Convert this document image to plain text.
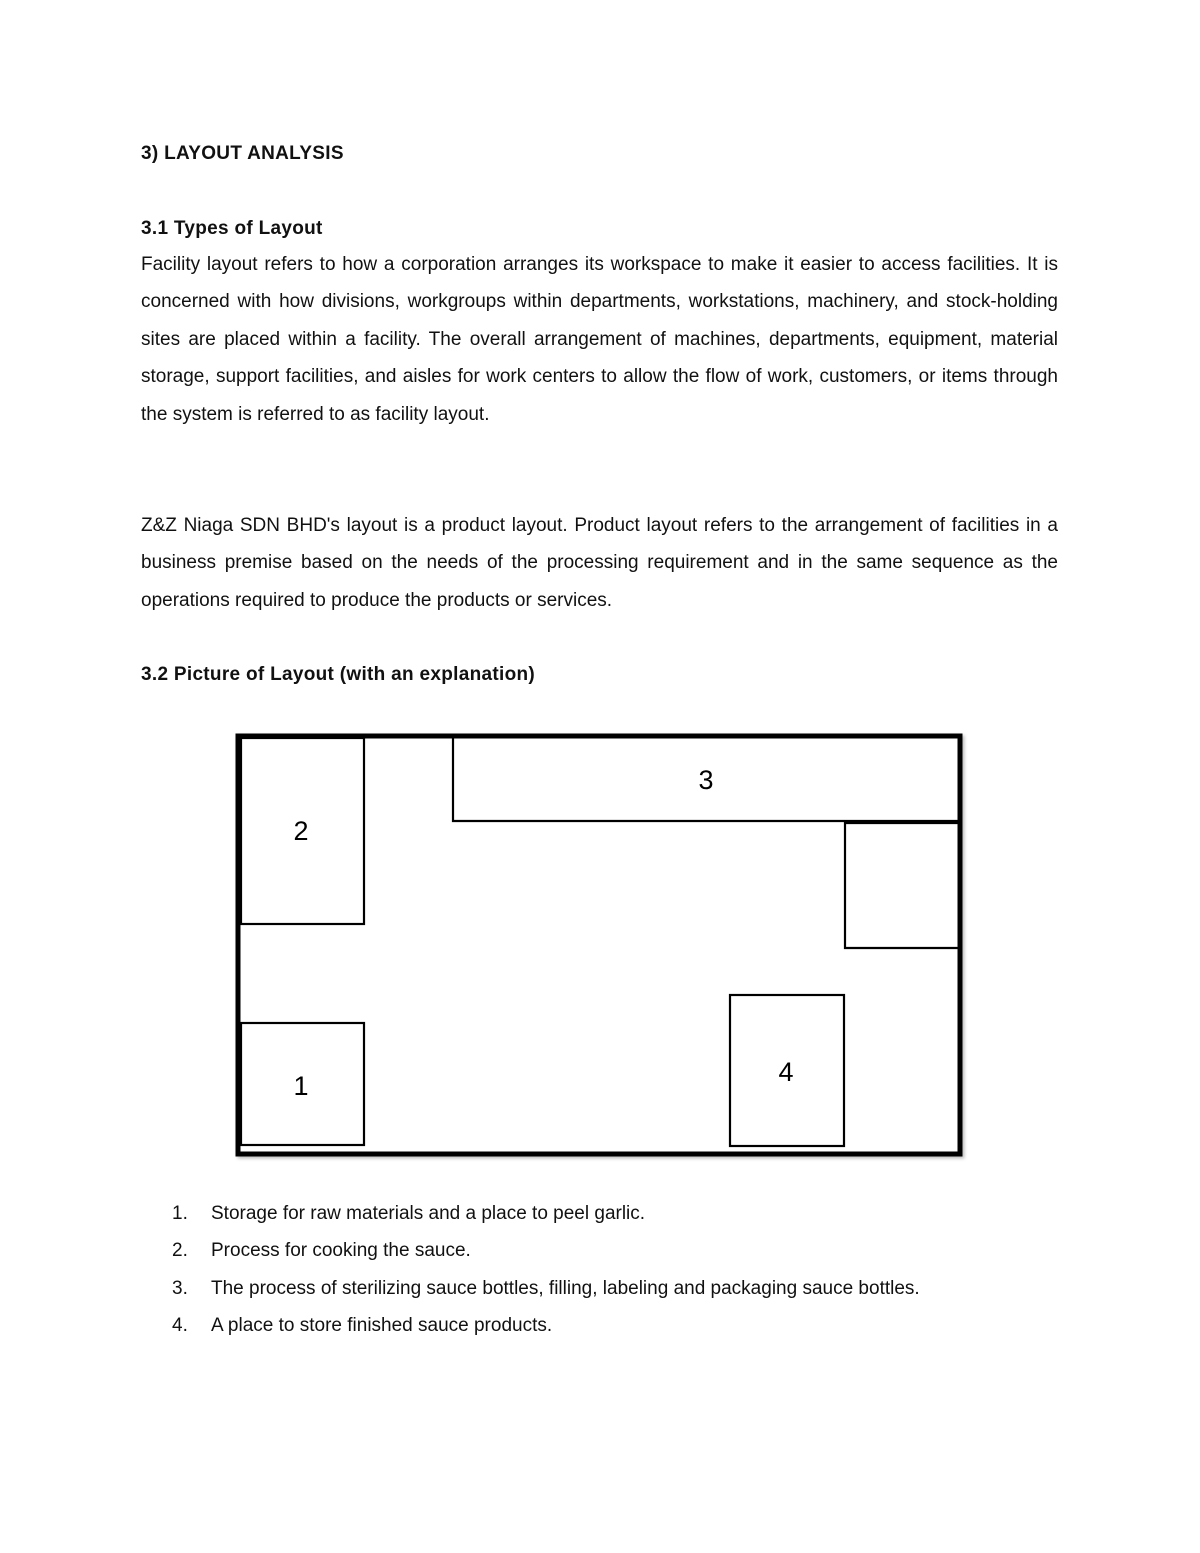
3) LAYOUT ANALYSIS
3.1 Types of Layout

Facility layout refers to how a corporation arranges its workspace to make it easier to access facilities. It is concerned with how divisions, workgroups within departments, workstations, machinery, and stock-holding sites are placed within a facility. The overall arrangement of machines, departments, equipment, material storage, support facilities, and aisles for work centers to allow the flow of work, customers, or items through the system is referred to as facility layout.

Z&Z Niaga SDN BHD's layout is a product layout. Product layout refers to the arrangement of facilities in a business premise based on the needs of the processing requirement and in the same sequence as the operations required to produce the products or services.

3.2 Picture of Layout (with an explanation)
2
3
1	4
1. Storage for raw materials and a place to peel garlic.
2. Process for cooking the sauce.
3. The process of sterilizing sauce bottles, filling, labeling and packaging sauce bottles.
4. A place to store finished sauce products.
